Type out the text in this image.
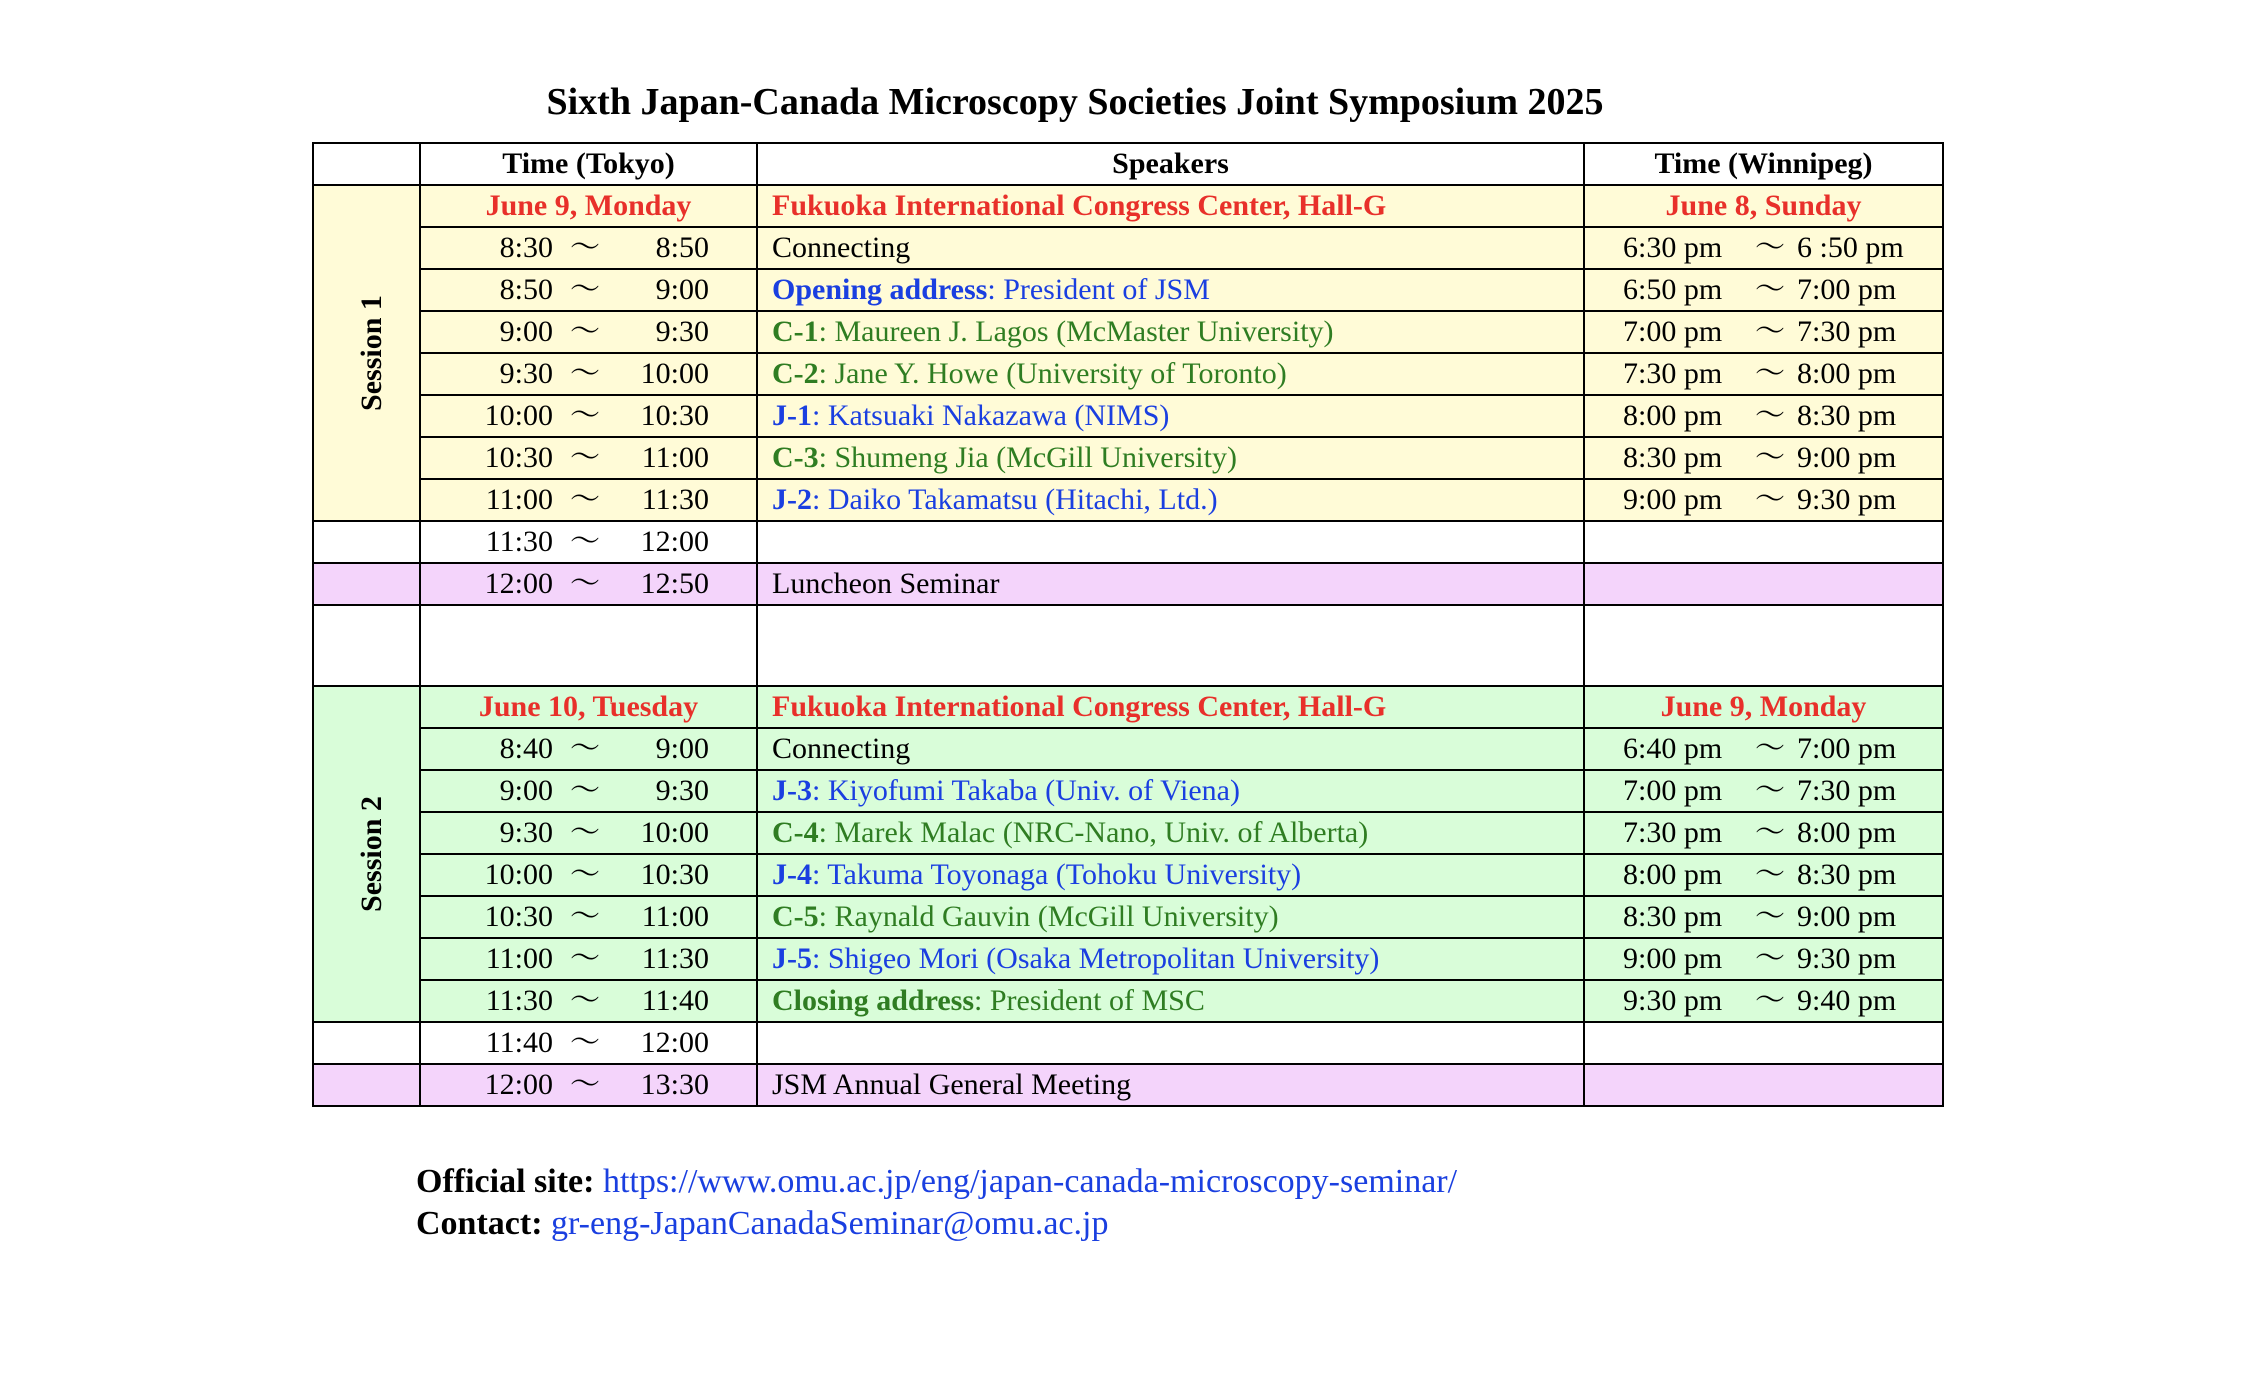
Sixth Japan-Canada Microscopy Societies Joint Symposium 2025
	Time (Tokyo)	Speakers	Time (Winnipeg)
Session 1	June 9, Monday	Fukuoka International Congress Center, Hall-G	June 8, Sunday
	8:30 〜 8:50	Connecting	6:30 pm 〜 6 :50 pm
	8:50 〜 9:00	Opening address: President of JSM	6:50 pm 〜 7:00 pm
	9:00 〜 9:30	C-1: Maureen J. Lagos (McMaster University)	7:00 pm 〜 7:30 pm
	9:30 〜 10:00	C-2: Jane Y. Howe (University of Toronto)	7:30 pm 〜 8:00 pm
	10:00 〜 10:30	J-1: Katsuaki Nakazawa (NIMS)	8:00 pm 〜 8:30 pm
	10:30 〜 11:00	C-3: Shumeng Jia (McGill University)	8:30 pm 〜 9:00 pm
	11:00 〜 11:30	J-2: Daiko Takamatsu (Hitachi, Ltd.)	9:00 pm 〜 9:30 pm
	11:30 〜 12:00		
	12:00 〜 12:50	Luncheon Seminar	

Session 2	June 10, Tuesday	Fukuoka International Congress Center, Hall-G	June 9, Monday
	8:40 〜 9:00	Connecting	6:40 pm 〜 7:00 pm
	9:00 〜 9:30	J-3: Kiyofumi Takaba (Univ. of Viena)	7:00 pm 〜 7:30 pm
	9:30 〜 10:00	C-4: Marek Malac (NRC-Nano, Univ. of Alberta)	7:30 pm 〜 8:00 pm
	10:00 〜 10:30	J-4: Takuma Toyonaga (Tohoku University)	8:00 pm 〜 8:30 pm
	10:30 〜 11:00	C-5: Raynald Gauvin (McGill University)	8:30 pm 〜 9:00 pm
	11:00 〜 11:30	J-5: Shigeo Mori (Osaka Metropolitan University)	9:00 pm 〜 9:30 pm
	11:30 〜 11:40	Closing address: President of MSC	9:30 pm 〜 9:40 pm
	11:40 〜 12:00		
	12:00 〜 13:30	JSM Annual General Meeting	
Official site: https://www.omu.ac.jp/eng/japan-canada-microscopy-seminar/
Contact: gr-eng-JapanCanadaSeminar@omu.ac.jp
